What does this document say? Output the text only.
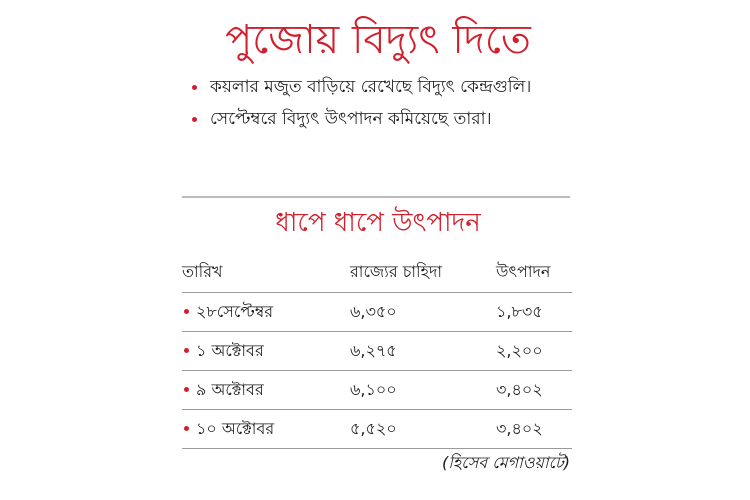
পুজোয় বিদ্যুৎ দিতে
কয়লার মজুত বাড়িয়ে রেখেছে বিদ্যুৎ কেন্দ্রগুলি।
সেপ্টেম্বরে বিদ্যুৎ উৎপাদন কমিয়েছে তারা।
ধাপে ধাপে উৎপাদন
তারিখ	রাজ্যের চাহিদা	উৎপাদন
২৮সেপ্টেম্বর	৬,৩৫০	১,৮৩৫
১ অক্টোবর	৬,২৭৫	২,২০০
৯ অক্টোবর	৬,১০০	৩,৪০২
১০ অক্টোবর	৫,৫২০	৩,৪০২
(হিসেব মেগাওয়াটে)
